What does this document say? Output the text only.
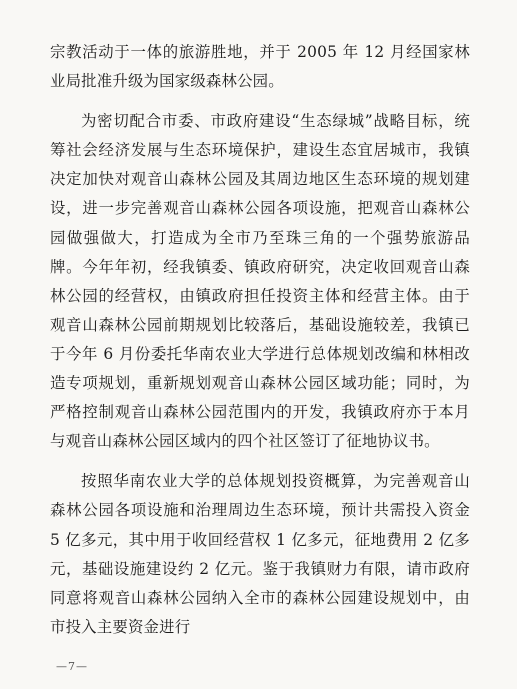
宗教活动于一体的旅游胜地，并于 2005 年 12 月经国家林业局批准升级为国家级森林公园。

为密切配合市委、市政府建设“生态绿城”战略目标，统筹社会经济发展与生态环境保护，建设生态宜居城市，我镇决定加快对观音山森林公园及其周边地区生态环境的规划建设，进一步完善观音山森林公园各项设施，把观音山森林公园做强做大，打造成为全市乃至珠三角的一个强势旅游品牌。今年年初，经我镇委、镇政府研究，决定收回观音山森林公园的经营权，由镇政府担任投资主体和经营主体。由于观音山森林公园前期规划比较落后，基础设施较差，我镇已于今年 6 月份委托华南农业大学进行总体规划改编和林相改造专项规划，重新规划观音山森林公园区域功能；同时，为严格控制观音山森林公园范围内的开发，我镇政府亦于本月与观音山森林公园区域内的四个社区签订了征地协议书。

按照华南农业大学的总体规划投资概算，为完善观音山森林公园各项设施和治理周边生态环境，预计共需投入资金 5 亿多元，其中用于收回经营权 1 亿多元，征地费用 2 亿多元，基础设施建设约 2 亿元。鉴于我镇财力有限，请市政府同意将观音山森林公园纳入全市的森林公园建设规划中，由市投入主要资金进行

—7—
